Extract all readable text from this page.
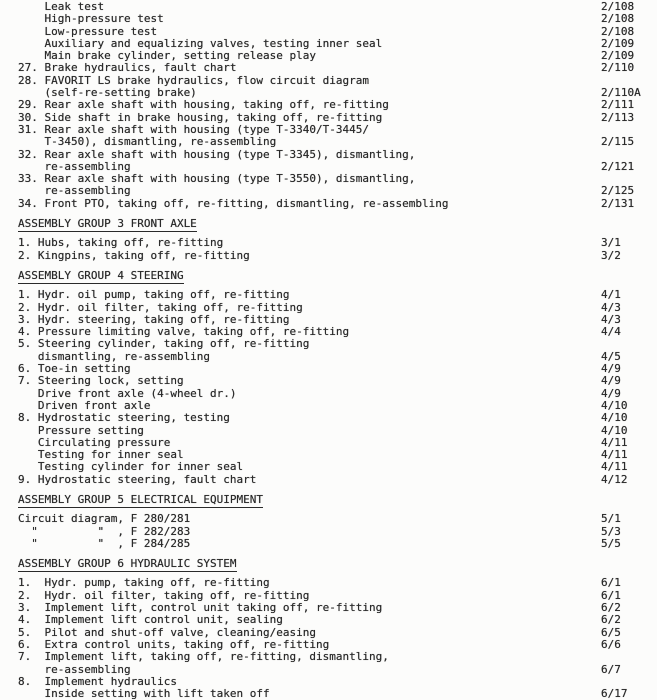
Leak test	2/108
High-pressure test	2/108
Low-pressure test	2/108
Auxiliary and equalizing valves, testing inner seal	2/109
Main brake cylinder, setting release play	2/109
27. Brake hydraulics, fault chart	2/110
28. FAVORIT LS brake hydraulics, flow circuit diagram
(self-re-setting brake)	2/110A
29. Rear axle shaft with housing, taking off, re-fitting	2/111
30. Side shaft in brake housing, taking off, re-fitting	2/113
31. Rear axle shaft with housing (type T-3340/T-3445/
T-3450), dismantling, re-assembling	2/115
32. Rear axle shaft with housing (type T-3345), dismantling,
re-assembling	2/121
33. Rear axle shaft with housing (type T-3550), dismantling,
re-assembling	2/125
34. Front PTO, taking off, re-fitting, dismantling, re-assembling	2/131
ASSEMBLY GROUP 3 FRONT AXLE
1. Hubs, taking off, re-fitting	3/1
2. Kingpins, taking off, re-fitting	3/2
ASSEMBLY GROUP 4 STEERING
1. Hydr. oil pump, taking off, re-fitting	4/1
2. Hydr. oil filter, taking off, re-fitting	4/3
3. Hydr. steering, taking off, re-fitting	4/3
4. Pressure limiting valve, taking off, re-fitting	4/4
5. Steering cylinder, taking off, re-fitting
dismantling, re-assembling	4/5
6. Toe-in setting	4/9
7. Steering lock, setting	4/9
Drive front axle (4-wheel dr.)	4/9
Driven front axle	4/10
8. Hydrostatic steering, testing	4/10
Pressure setting	4/10
Circulating pressure	4/11
Testing for inner seal	4/11
Testing cylinder for inner seal	4/11
9. Hydrostatic steering, fault chart	4/12
ASSEMBLY GROUP 5 ELECTRICAL EQUIPMENT
Circuit diagram, F 280/281	5/1
"         "  , F 282/283	5/3
"         "  , F 284/285	5/5
ASSEMBLY GROUP 6 HYDRAULIC SYSTEM
1.  Hydr. pump, taking off, re-fitting	6/1
2.  Hydr. oil filter, taking off, re-fitting	6/1
3.  Implement lift, control unit taking off, re-fitting	6/2
4.  Implement lift control unit, sealing	6/2
5.  Pilot and shut-off valve, cleaning/easing	6/5
6.  Extra control units, taking off, re-fitting	6/6
7.  Implement lift, taking off, re-fitting, dismantling,
re-assembling	6/7
8.  Implement hydraulics
Inside setting with lift taken off	6/17
